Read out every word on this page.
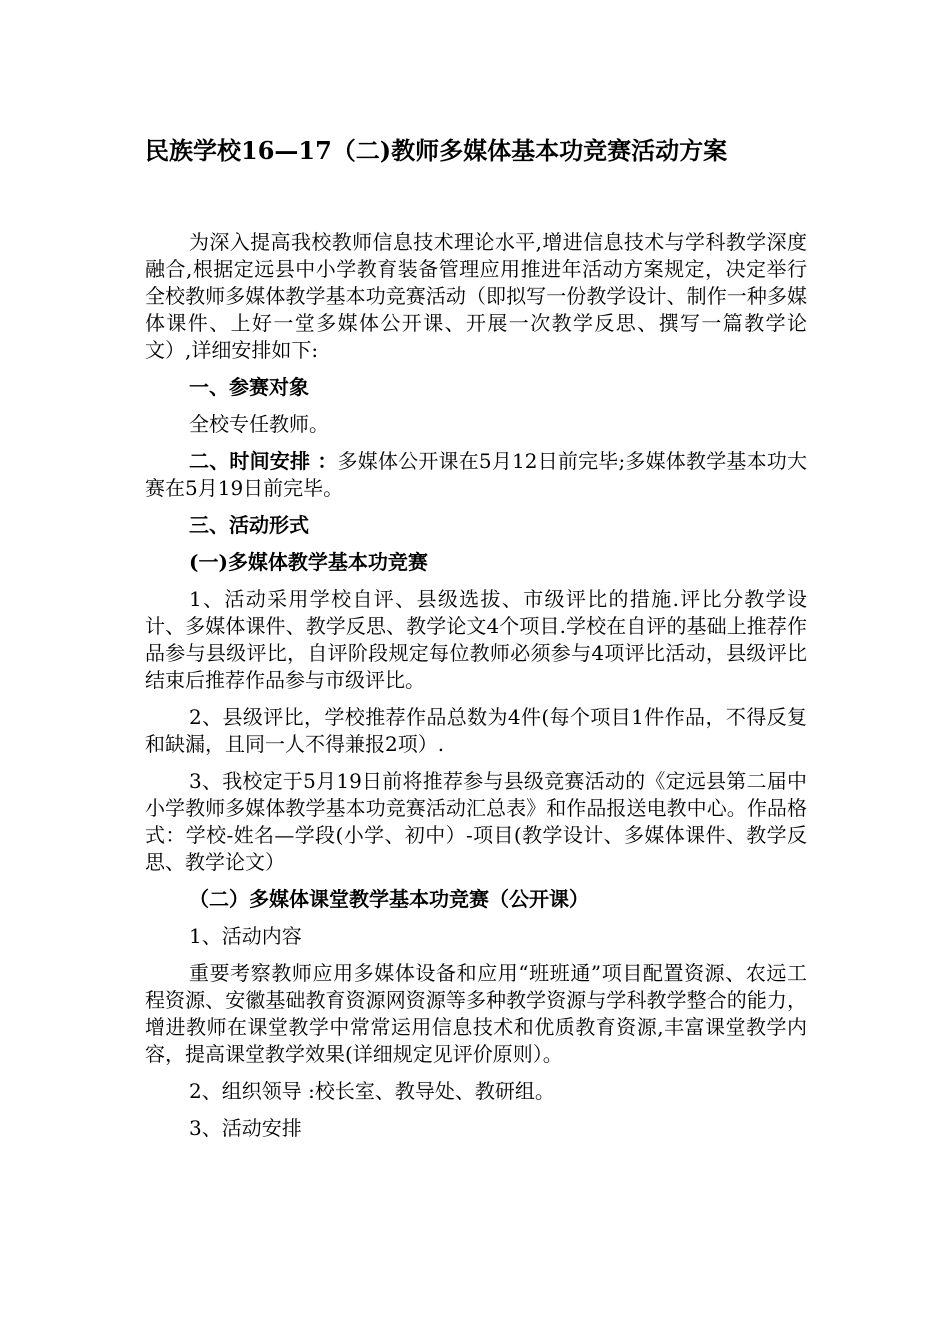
民族学校16—17（二)教师多媒体基本功竞赛活动方案

为深入提高我校教师信息技术理论水平,增进信息技术与学科教学深度融合,根据定远县中小学教育装备管理应用推进年活动方案规定，决定举行全校教师多媒体教学基本功竞赛活动（即拟写一份教学设计、制作一种多媒体课件、上好一堂多媒体公开课、开展一次教学反思、撰写一篇教学论文）,详细安排如下:

一、参赛对象

全校专任教师。

二、时间安排 ：多媒体公开课在5月12日前完毕;多媒体教学基本功大赛在5月19日前完毕。

三、活动形式

(一)多媒体教学基本功竞赛

1、活动采用学校自评、县级选拔、市级评比的措施.评比分教学设计、多媒体课件、教学反思、教学论文4个项目.学校在自评的基础上推荐作品参与县级评比，自评阶段规定每位教师必须参与4项评比活动，县级评比结束后推荐作品参与市级评比。

2、县级评比，学校推荐作品总数为4件(每个项目1件作品，不得反复和缺漏，且同一人不得兼报2项）.

3、我校定于5月19日前将推荐参与县级竞赛活动的《定远县第二届中小学教师多媒体教学基本功竞赛活动汇总表》和作品报送电教中心。作品格式：学校-姓名—学段(小学、初中）-项目(教学设计、多媒体课件、教学反思、教学论文）

（二）多媒体课堂教学基本功竞赛（公开课）

1、活动内容

重要考察教师应用多媒体设备和应用“班班通”项目配置资源、农远工程资源、安徽基础教育资源网资源等多种教学资源与学科教学整合的能力，增进教师在课堂教学中常常运用信息技术和优质教育资源,丰富课堂教学内容，提高课堂教学效果(详细规定见评价原则）。

2、组织领导 :校长室、教导处、教研组。

3、活动安排
